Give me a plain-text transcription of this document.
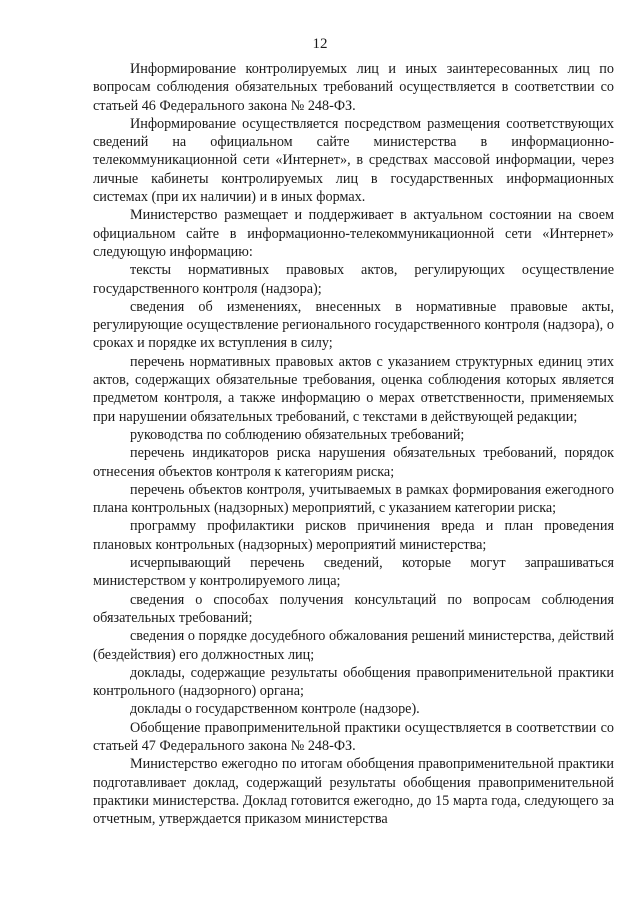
12

Информирование контролируемых лиц и иных заинтересованных лиц по вопросам соблюдения обязательных требований осуществляется в соответствии со статьей 46 Федерального закона № 248-ФЗ.

Информирование осуществляется посредством размещения соответствующих сведений на официальном сайте министерства в информационно-телекоммуникационной сети «Интернет», в средствах массовой информации, через личные кабинеты контролируемых лиц в государственных информационных системах (при их наличии) и в иных формах.

Министерство размещает и поддерживает в актуальном состоянии на своем официальном сайте в информационно-телекоммуникационной сети «Интернет» следующую информацию:

тексты нормативных правовых актов, регулирующих осуществление государственного контроля (надзора);

сведения об изменениях, внесенных в нормативные правовые акты, регулирующие осуществление регионального государственного контроля (надзора), о сроках и порядке их вступления в силу;

перечень нормативных правовых актов с указанием структурных единиц этих актов, содержащих обязательные требования, оценка соблюдения которых является предметом контроля, а также информацию о мерах ответственности, применяемых при нарушении обязательных требований, с текстами в действующей редакции;

руководства по соблюдению обязательных требований;

перечень индикаторов риска нарушения обязательных требований, порядок отнесения объектов контроля к категориям риска;

перечень объектов контроля, учитываемых в рамках формирования ежегодного плана контрольных (надзорных) мероприятий, с указанием категории риска;

программу профилактики рисков причинения вреда и план проведения плановых контрольных (надзорных) мероприятий министерства;

исчерпывающий перечень сведений, которые могут запрашиваться министерством у контролируемого лица;

сведения о способах получения консультаций по вопросам соблюдения обязательных требований;

сведения о порядке досудебного обжалования решений министерства, действий (бездействия) его должностных лиц;

доклады, содержащие результаты обобщения правоприменительной практики контрольного (надзорного) органа;

доклады о государственном контроле (надзоре).

Обобщение правоприменительной практики осуществляется в соответствии со статьей 47 Федерального закона № 248-ФЗ.

Министерство ежегодно по итогам обобщения правоприменительной практики подготавливает доклад, содержащий результаты обобщения правоприменительной практики министерства. Доклад готовится ежегодно, до 15 марта года, следующего за отчетным, утверждается приказом министерства
